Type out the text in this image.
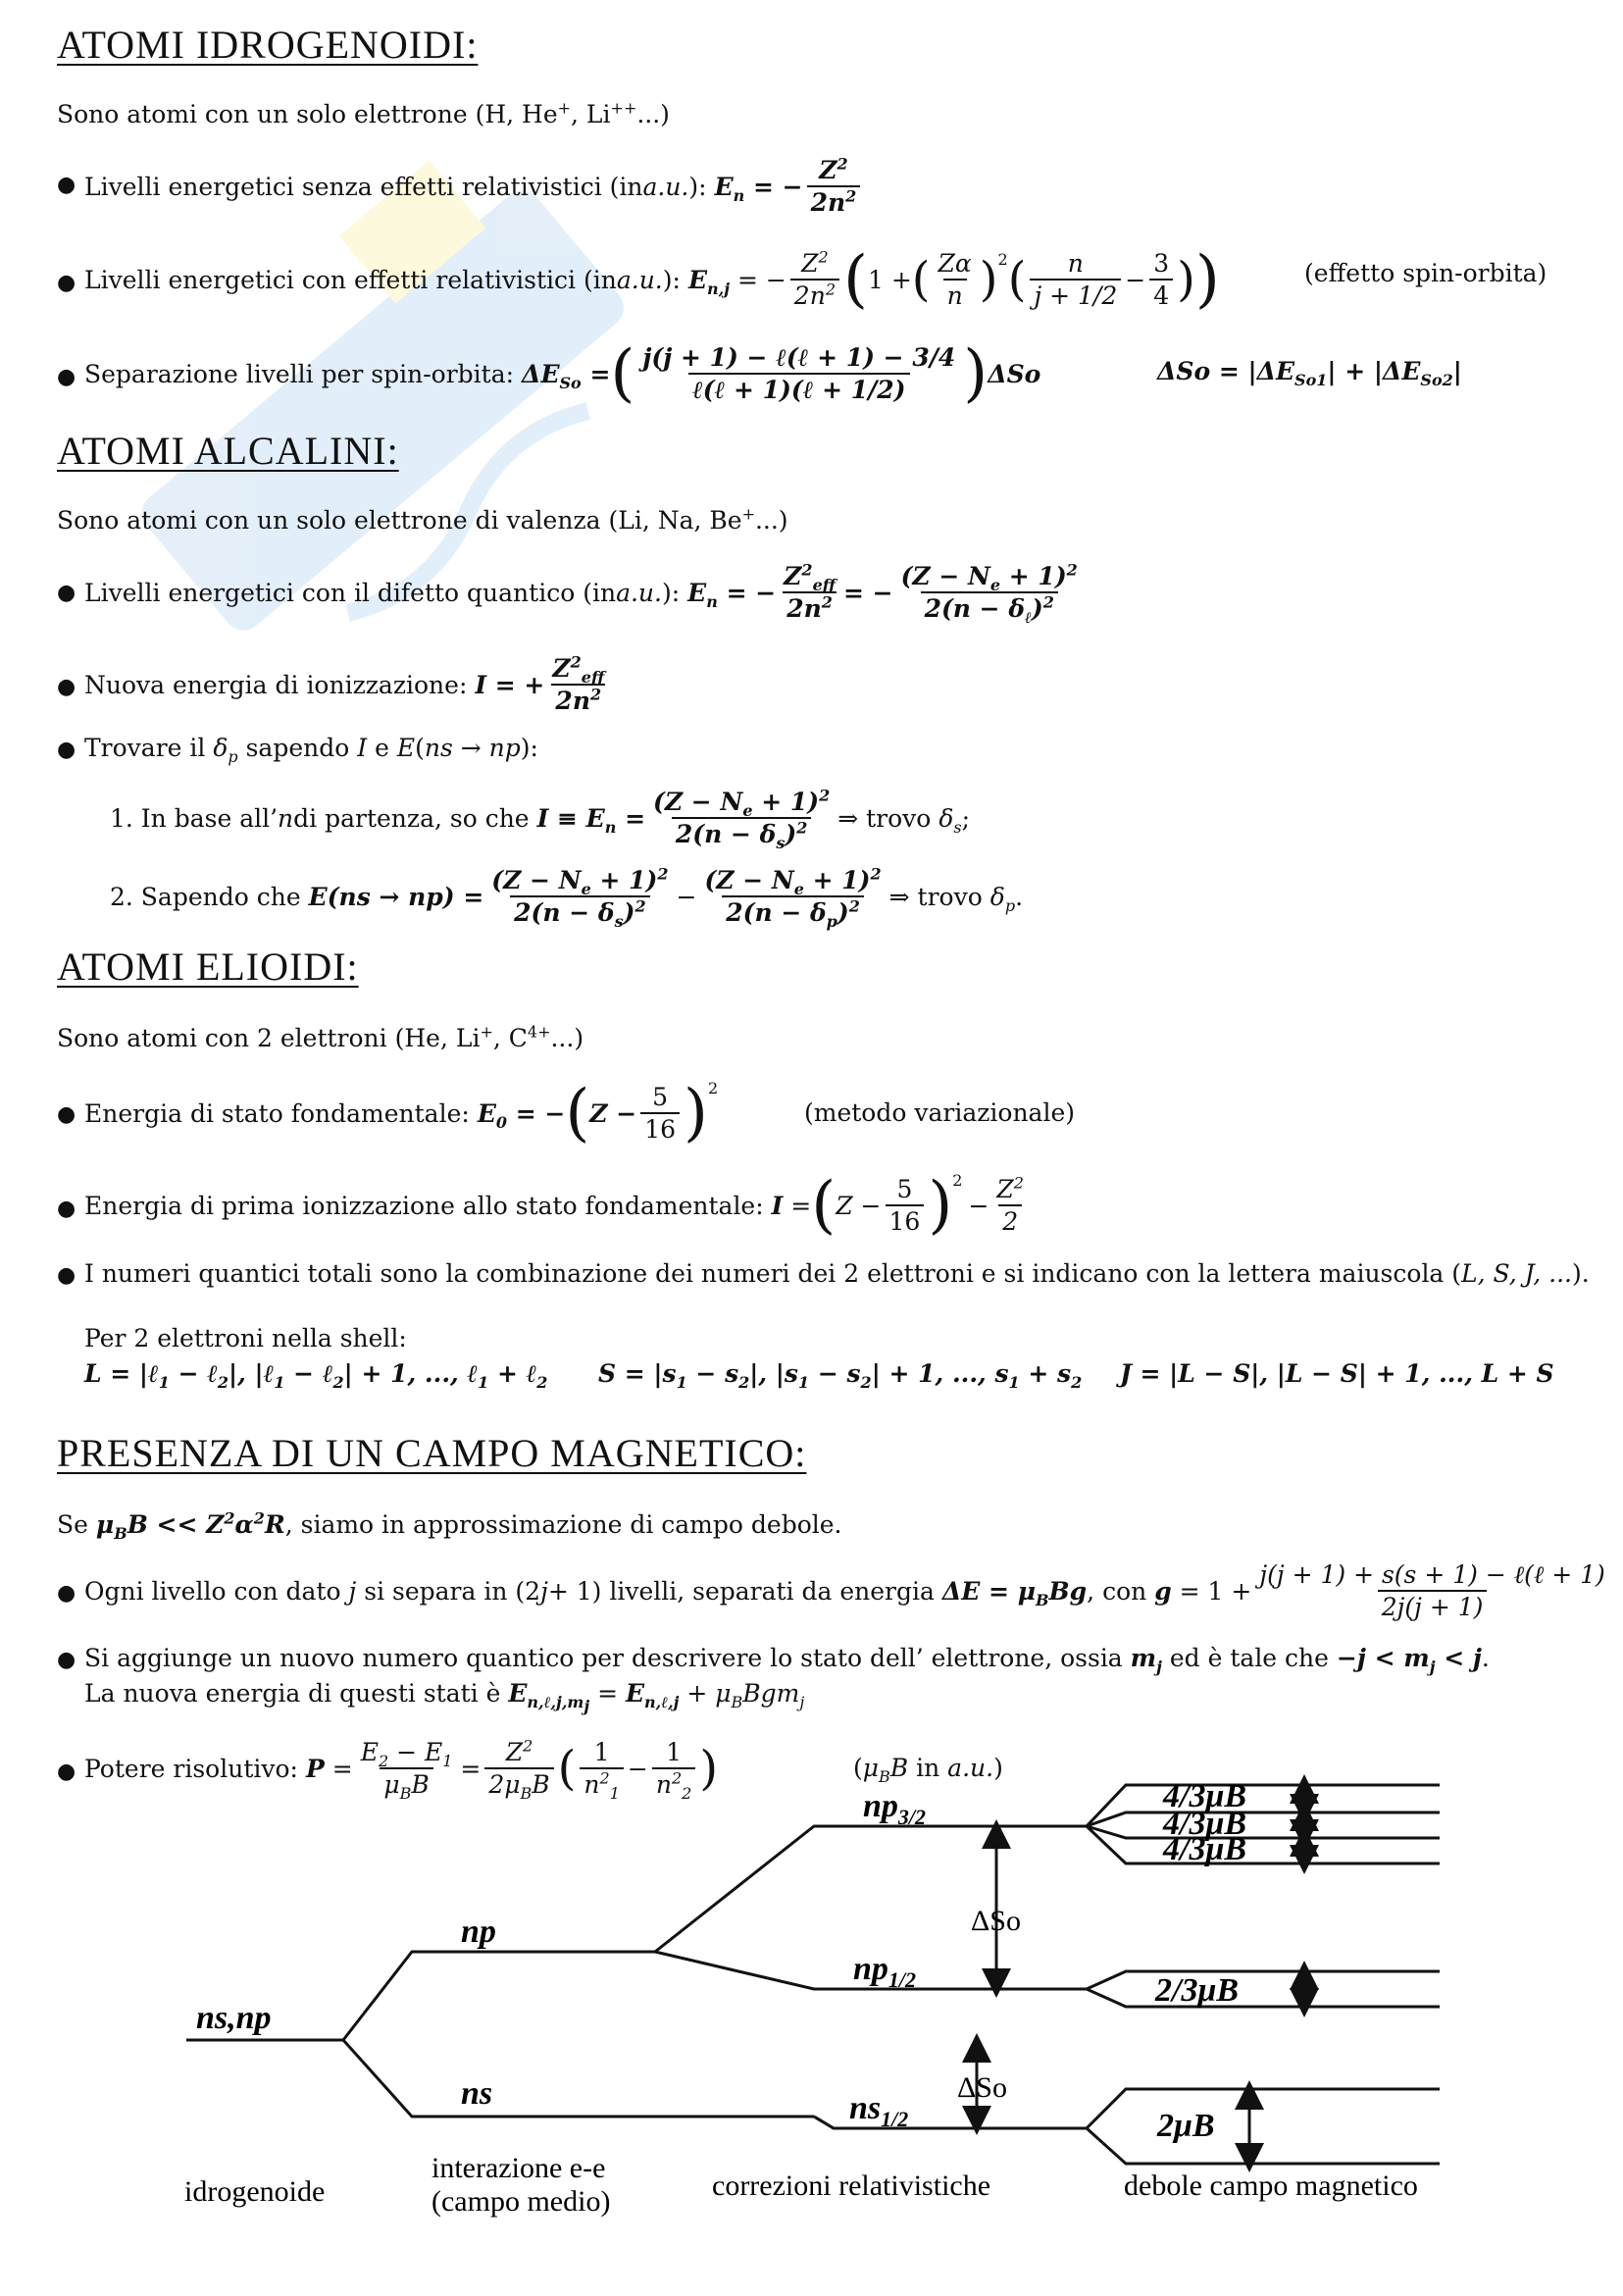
ATOMI IDROGENOIDI:
Sono atomi con un solo elettrone (H, He+, Li++...)
● Livelli energetici senza effetti relativistici (in a.u. ): $E_n$ = − $\frac{Z^2}{2n^2}$
● Livelli energetici con effetti relativistici (in a.u. ): $E_{n,j}$ = − $\frac{Z^2}{2n^2}$ ( 1 + ( $\frac{Z\alpha}{n}$ ) 2 ( $\frac{n}{j + 1/2} - \frac{3}{4}$ ) )	(effetto spin-orbita)
● Separazione livelli per spin-orbita: $\Delta E_{So}$ = ( $\frac{\text{j(j + 1) − ℓ(ℓ + 1) − 3/4}}{\text{ℓ(ℓ + 1)(ℓ + 1/2)}}$ ) ΔSo	$\Delta So = |\Delta E_{So1}| + |\Delta E_{So2}|$
ATOMI ALCALINI:
Sono atomi con un solo elettrone di valenza (Li, Na, Be+...)
● Livelli energetici con il difetto quantico (in a.u. ): $E_n$ = − $\frac{Z^2_{eff}}{2n^2}$ = − $\frac{(Z - N_e + 1)^2}{2(n - \delta_\ell)^2}$
● Nuova energia di ionizzazione: I = + $\frac{Z^2_{eff}}{2n^2}$
● Trovare il $\delta_p$ sapendo I e E(ns → np):
1. In base all’ n di partenza, so che $I \equiv E_n = \frac{(Z - N_e + 1)^2}{2(n - \delta_s)^2}$ ⇒ trovo $\delta_s$ ;
2. Sapendo che $E(ns \to np) = \frac{(Z - N_e + 1)^2}{2(n - \delta_s)^2} - \frac{(Z - N_e + 1)^2}{2(n - \delta_p)^2}$ ⇒ trovo $\delta_p$ .
ATOMI ELIOIDI:
Sono atomi con 2 elettroni (He, Li+, $C^{4+}$...)
● Energia di stato fondamentale: $E_0$ = − ( $Z - \frac{5}{16}$ ) 2
(metodo variazionale)
● Energia di prima ionizzazione allo stato fondamentale: I = ( $Z - \frac{5}{16}$ ) 2
− $\frac{Z^2}{2}$
● I numeri quantici totali sono la combinazione dei numeri dei 2 elettroni e si indicano con la lettera maiuscola (L, S, J, ...).
Per 2 elettroni nella shell:
L = |ℓ$_1$ − ℓ$_2$|, |ℓ$_1$ − ℓ$_2$| + 1, ..., ℓ$_1$ + ℓ$_2$ $S = |s_1 - s_2|$, $|s_1 - s_2| + 1$, ..., $s_1 + s_2$ J = |L − S|, |L − S| + 1, ..., L + S
PRESENZA DI UN CAMPO MAGNETICO:
Se $\mu_BB << Z^2\alpha^2R$, siamo in approssimazione di campo debole.
● Ogni livello con dato
j
si separa in (2 j + 1) livelli, separati da energia $\Delta E = \mu_BBg$ , con $g = 1 + \frac{\text{j(j + 1) + s(s + 1) − ℓ(ℓ + 1)}}{2j(j + 1)}$
● Si aggiunge un nuovo numero quantico per descrivere lo stato dell’ elettrone, ossia $m_j$ ed è tale che $-j < m_j < j$.
La nuova energia di questi stati è $E_{n,\ell,j,m_j} = E_{n,\ell,j} + \mu_BBgm_j$
● Potere risolutivo: $P = \frac{E_2 - E_1}{\mu_BB} = \frac{Z^2}{2\mu_BB}$ ( $\frac{1}{n^2_1} - \frac{1}{n^2_2}$ )	($\mu_BB$ in a.u.)
ns,np
np
ns
$np_{3/2}$
$np_{1/2}$
$ns_{1/2}$
ΔSo
ΔSo
4/3μB
4/3μB
4/3μB
2/3μB
2μB
idrogenoide
interazione e-e
(campo medio)	correzioni relativistiche	debole campo magnetico
